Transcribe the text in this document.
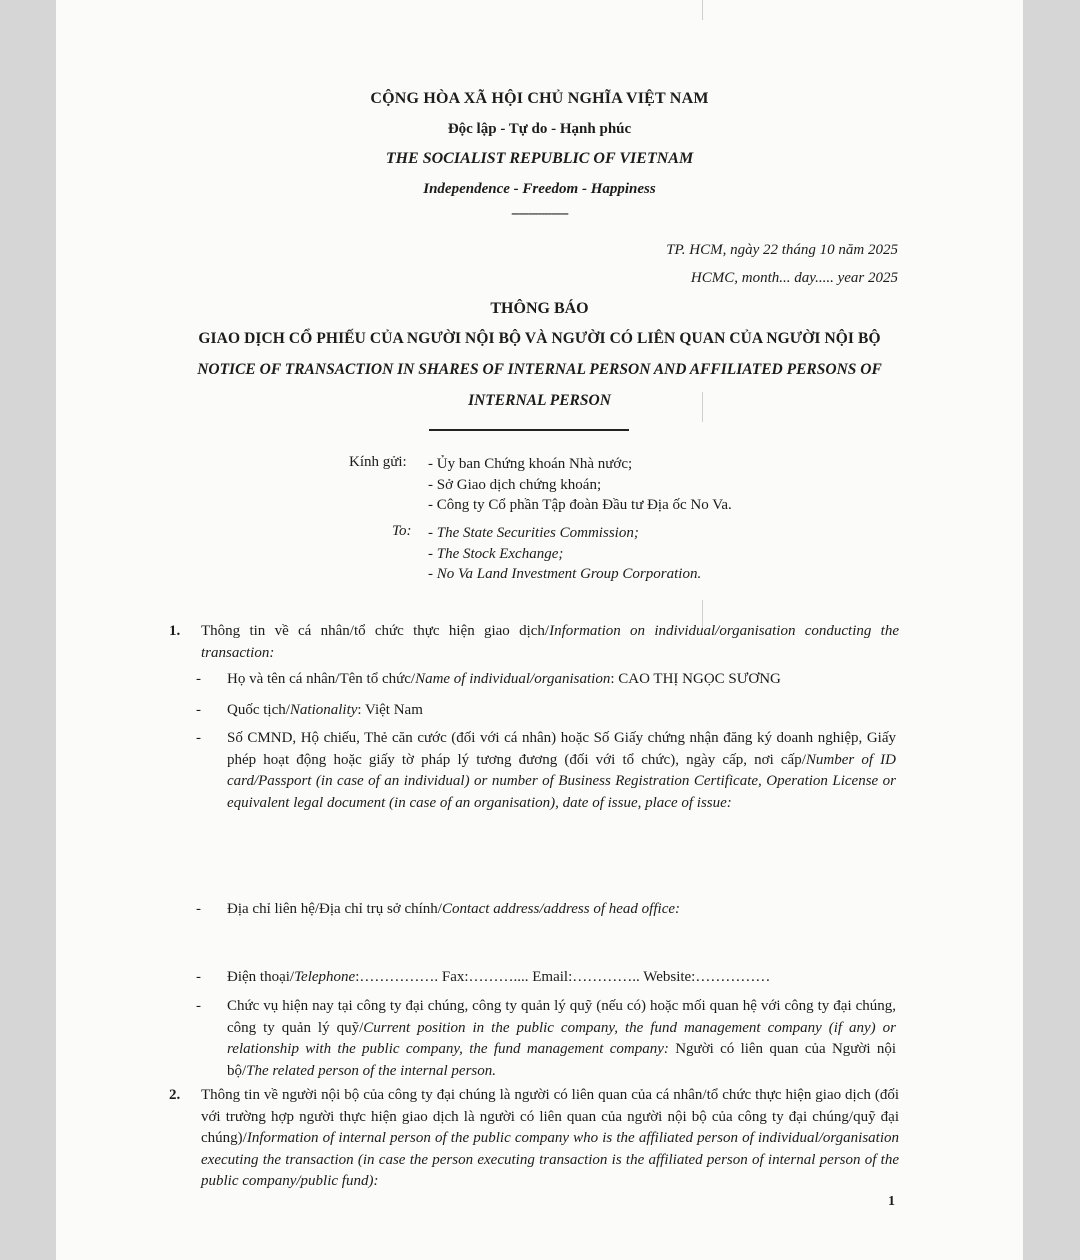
CỘNG HÒA XÃ HỘI CHỦ NGHĨA VIỆT NAM
Độc lập - Tự do - Hạnh phúc
THE SOCIALIST REPUBLIC OF VIETNAM
Independence - Freedom - Happiness
-----------------
TP. HCM, ngày 22 tháng 10 năm 2025
HCMC, month... day..... year 2025
THÔNG BÁO
GIAO DỊCH CỔ PHIẾU CỦA NGƯỜI NỘI BỘ VÀ NGƯỜI CÓ LIÊN QUAN CỦA NGƯỜI NỘI BỘ
NOTICE OF TRANSACTION IN SHARES OF INTERNAL PERSON AND AFFILIATED PERSONS OF
INTERNAL PERSON
Kính gửi: - Ủy ban Chứng khoán Nhà nước;
- Sở Giao dịch chứng khoán;
- Công ty Cổ phần Tập đoàn Đầu tư Địa ốc No Va.
To: - The State Securities Commission;
- The Stock Exchange;
- No Va Land Investment Group Corporation.
1. Thông tin về cá nhân/tổ chức thực hiện giao dịch/Information on individual/organisation conducting the transaction:
- Họ và tên cá nhân/Tên tổ chức/Name of individual/organisation: CAO THỊ NGỌC SƯƠNG
- Quốc tịch/Nationality: Việt Nam
- Số CMND, Hộ chiếu, Thẻ căn cước (đối với cá nhân) hoặc Số Giấy chứng nhận đăng ký doanh nghiệp, Giấy phép hoạt động hoặc giấy tờ pháp lý tương đương (đối với tổ chức), ngày cấp, nơi cấp/Number of ID card/Passport (in case of an individual) or number of Business Registration Certificate, Operation License or equivalent legal document (in case of an organisation), date of issue, place of issue:
- Địa chỉ liên hệ/Địa chỉ trụ sở chính/Contact address/address of head office:
- Điện thoại/Telephone:……………. Fax:……….... Email:………….. Website:……………
- Chức vụ hiện nay tại công ty đại chúng, công ty quản lý quỹ (nếu có) hoặc mối quan hệ với công ty đại chúng, công ty quản lý quỹ/Current position in the public company, the fund management company (if any) or relationship with the public company, the fund management company: Người có liên quan của Người nội bộ/The related person of the internal person.
2. Thông tin về người nội bộ của công ty đại chúng là người có liên quan của cá nhân/tổ chức thực hiện giao dịch (đối với trường hợp người thực hiện giao dịch là người có liên quan của người nội bộ của công ty đại chúng/quỹ đại chúng)/Information of internal person of the public company who is the affiliated person of individual/organisation executing the transaction (in case the person executing transaction is the affiliated person of internal person of the public company/public fund):
1
